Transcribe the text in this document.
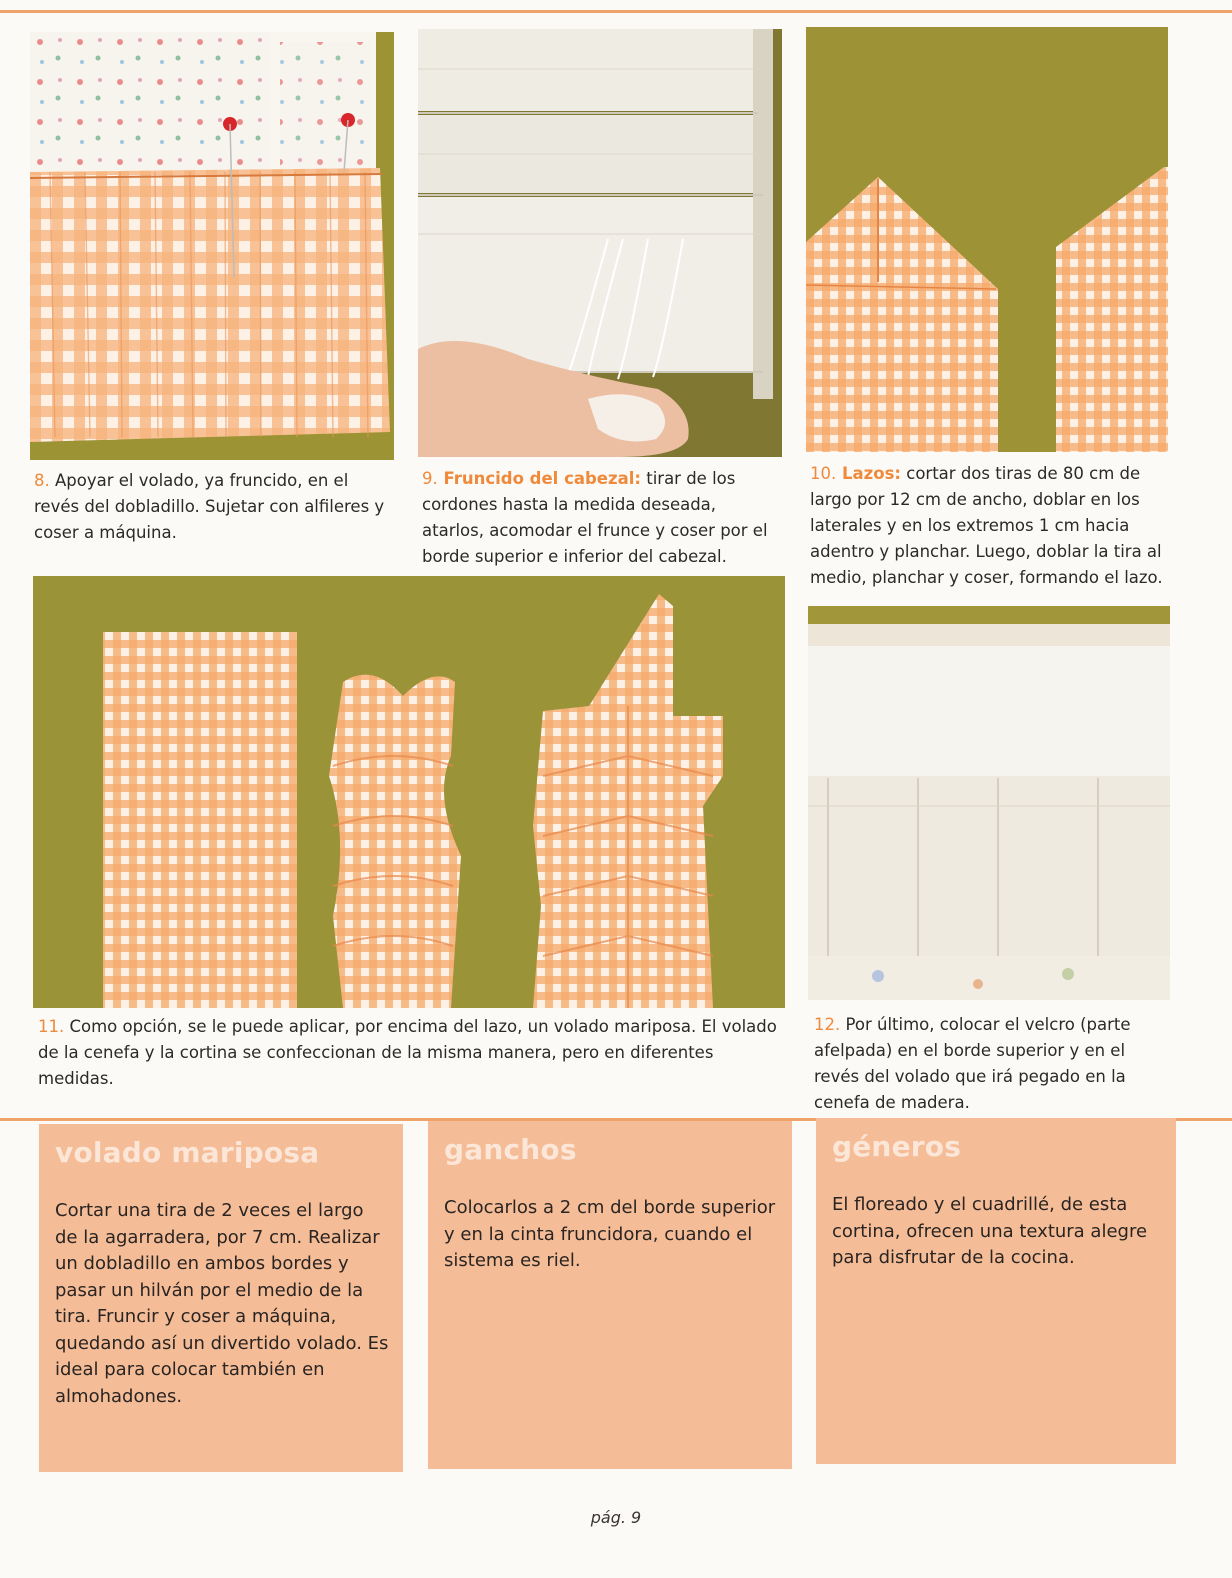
8. Apoyar el volado, ya fruncido, en el revés del dobladillo. Sujetar con alfileres y coser a máquina.

9. Fruncido del cabezal: tirar de los cordones hasta la medida deseada, atarlos, acomodar el frunce y coser por el borde superior e inferior del cabezal.

10. Lazos: cortar dos tiras de 80 cm de largo por 12 cm de ancho, doblar en los laterales y en los extremos 1 cm hacia adentro y planchar. Luego, doblar la tira al medio, planchar y coser, formando el lazo.

11. Como opción, se le puede aplicar, por encima del lazo, un volado mariposa. El volado de la cenefa y la cortina se confeccionan de la misma manera, pero en diferentes medidas.

12. Por último, colocar el velcro (parte afelpada) en el borde superior y en el revés del volado que irá pegado en la cenefa de madera.

volado mariposa

Cortar una tira de 2 veces el largo de la agarradera, por 7 cm. Realizar un dobladillo en ambos bordes y pasar un hilván por el medio de la tira. Fruncir y coser a máquina, quedando así un divertido volado. Es ideal para colocar también en almohadones.

ganchos

Colocarlos a 2 cm del borde superior y en la cinta fruncidora, cuando el sistema es riel.

géneros

El floreado y el cuadrillé, de esta cortina, ofrecen una textura alegre para disfrutar de la cocina.

pág. 9
